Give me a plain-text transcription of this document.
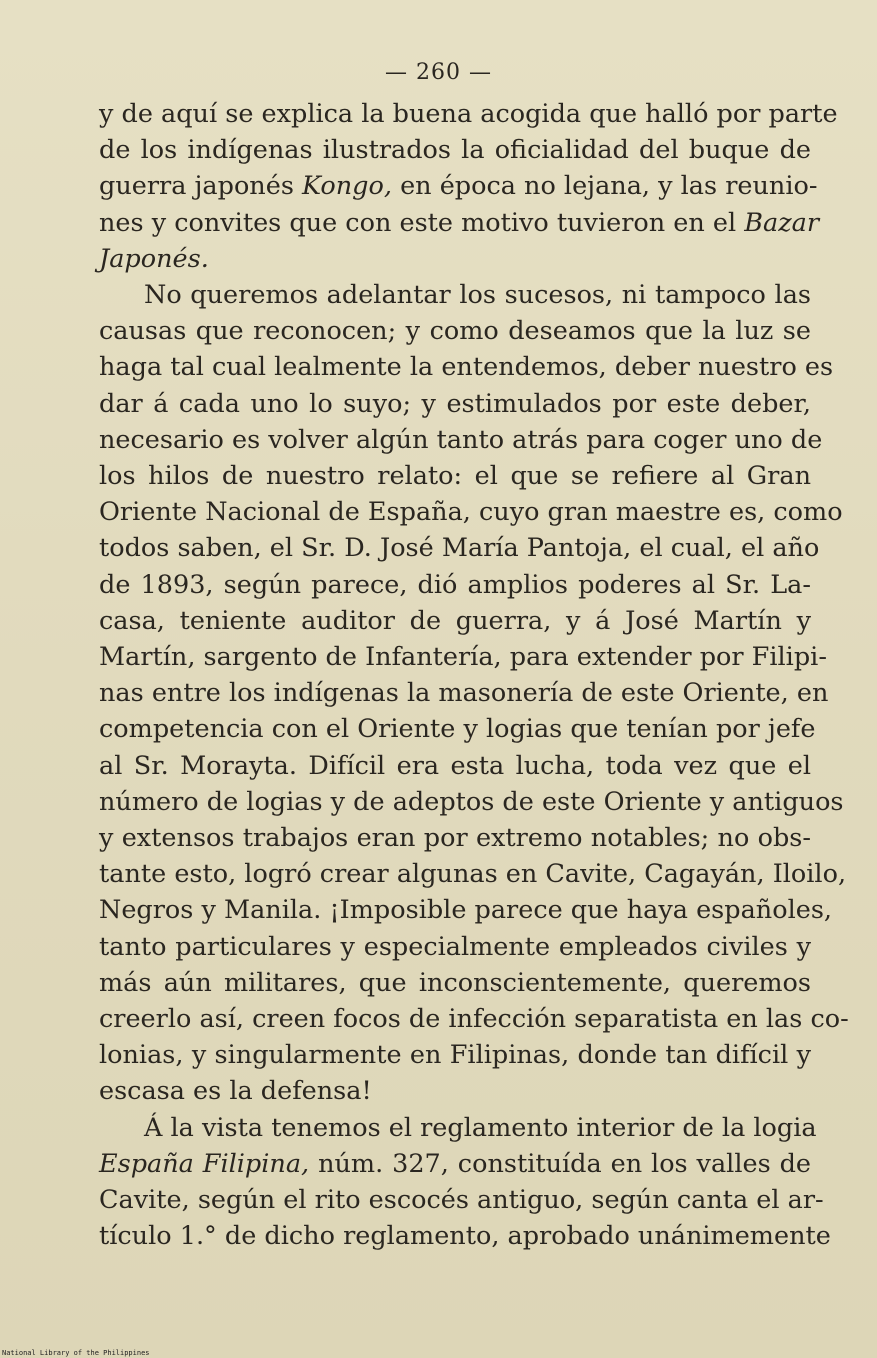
— 260 —

y de aquí se explica la buena acogida que halló por parte
de los indígenas ilustrados la oficialidad del buque de
guerra japonés Kongo, en época no lejana, y las reunio-
nes y convites que con este motivo tuvieron en el Bazar
Japonés.

No queremos adelantar los sucesos, ni tampoco las
causas que reconocen; y como deseamos que la luz se
haga tal cual lealmente la entendemos, deber nuestro es
dar á cada uno lo suyo; y estimulados por este deber,
necesario es volver algún tanto atrás para coger uno de
los hilos de nuestro relato: el que se refiere al Gran
Oriente Nacional de España, cuyo gran maestre es, como
todos saben, el Sr. D. José María Pantoja, el cual, el año
de 1893, según parece, dió amplios poderes al Sr. La-
casa, teniente auditor de guerra, y á José Martín y
Martín, sargento de Infantería, para extender por Filipi-
nas entre los indígenas la masonería de este Oriente, en
competencia con el Oriente y logias que tenían por jefe
al Sr. Morayta. Difícil era esta lucha, toda vez que el
número de logias y de adeptos de este Oriente y antiguos
y extensos trabajos eran por extremo notables; no obs-
tante esto, logró crear algunas en Cavite, Cagayán, Iloilo,
Negros y Manila. ¡Imposible parece que haya españoles,
tanto particulares y especialmente empleados civiles y
más aún militares, que inconscientemente, queremos
creerlo así, creen focos de infección separatista en las co-
lonias, y singularmente en Filipinas, donde tan difícil y
escasa es la defensa!

Á la vista tenemos el reglamento interior de la logia
España Filipina, núm. 327, constituída en los valles de
Cavite, según el rito escocés antiguo, según canta el ar-
tículo 1.° de dicho reglamento, aprobado unánimemente

National Library of the Philippines
